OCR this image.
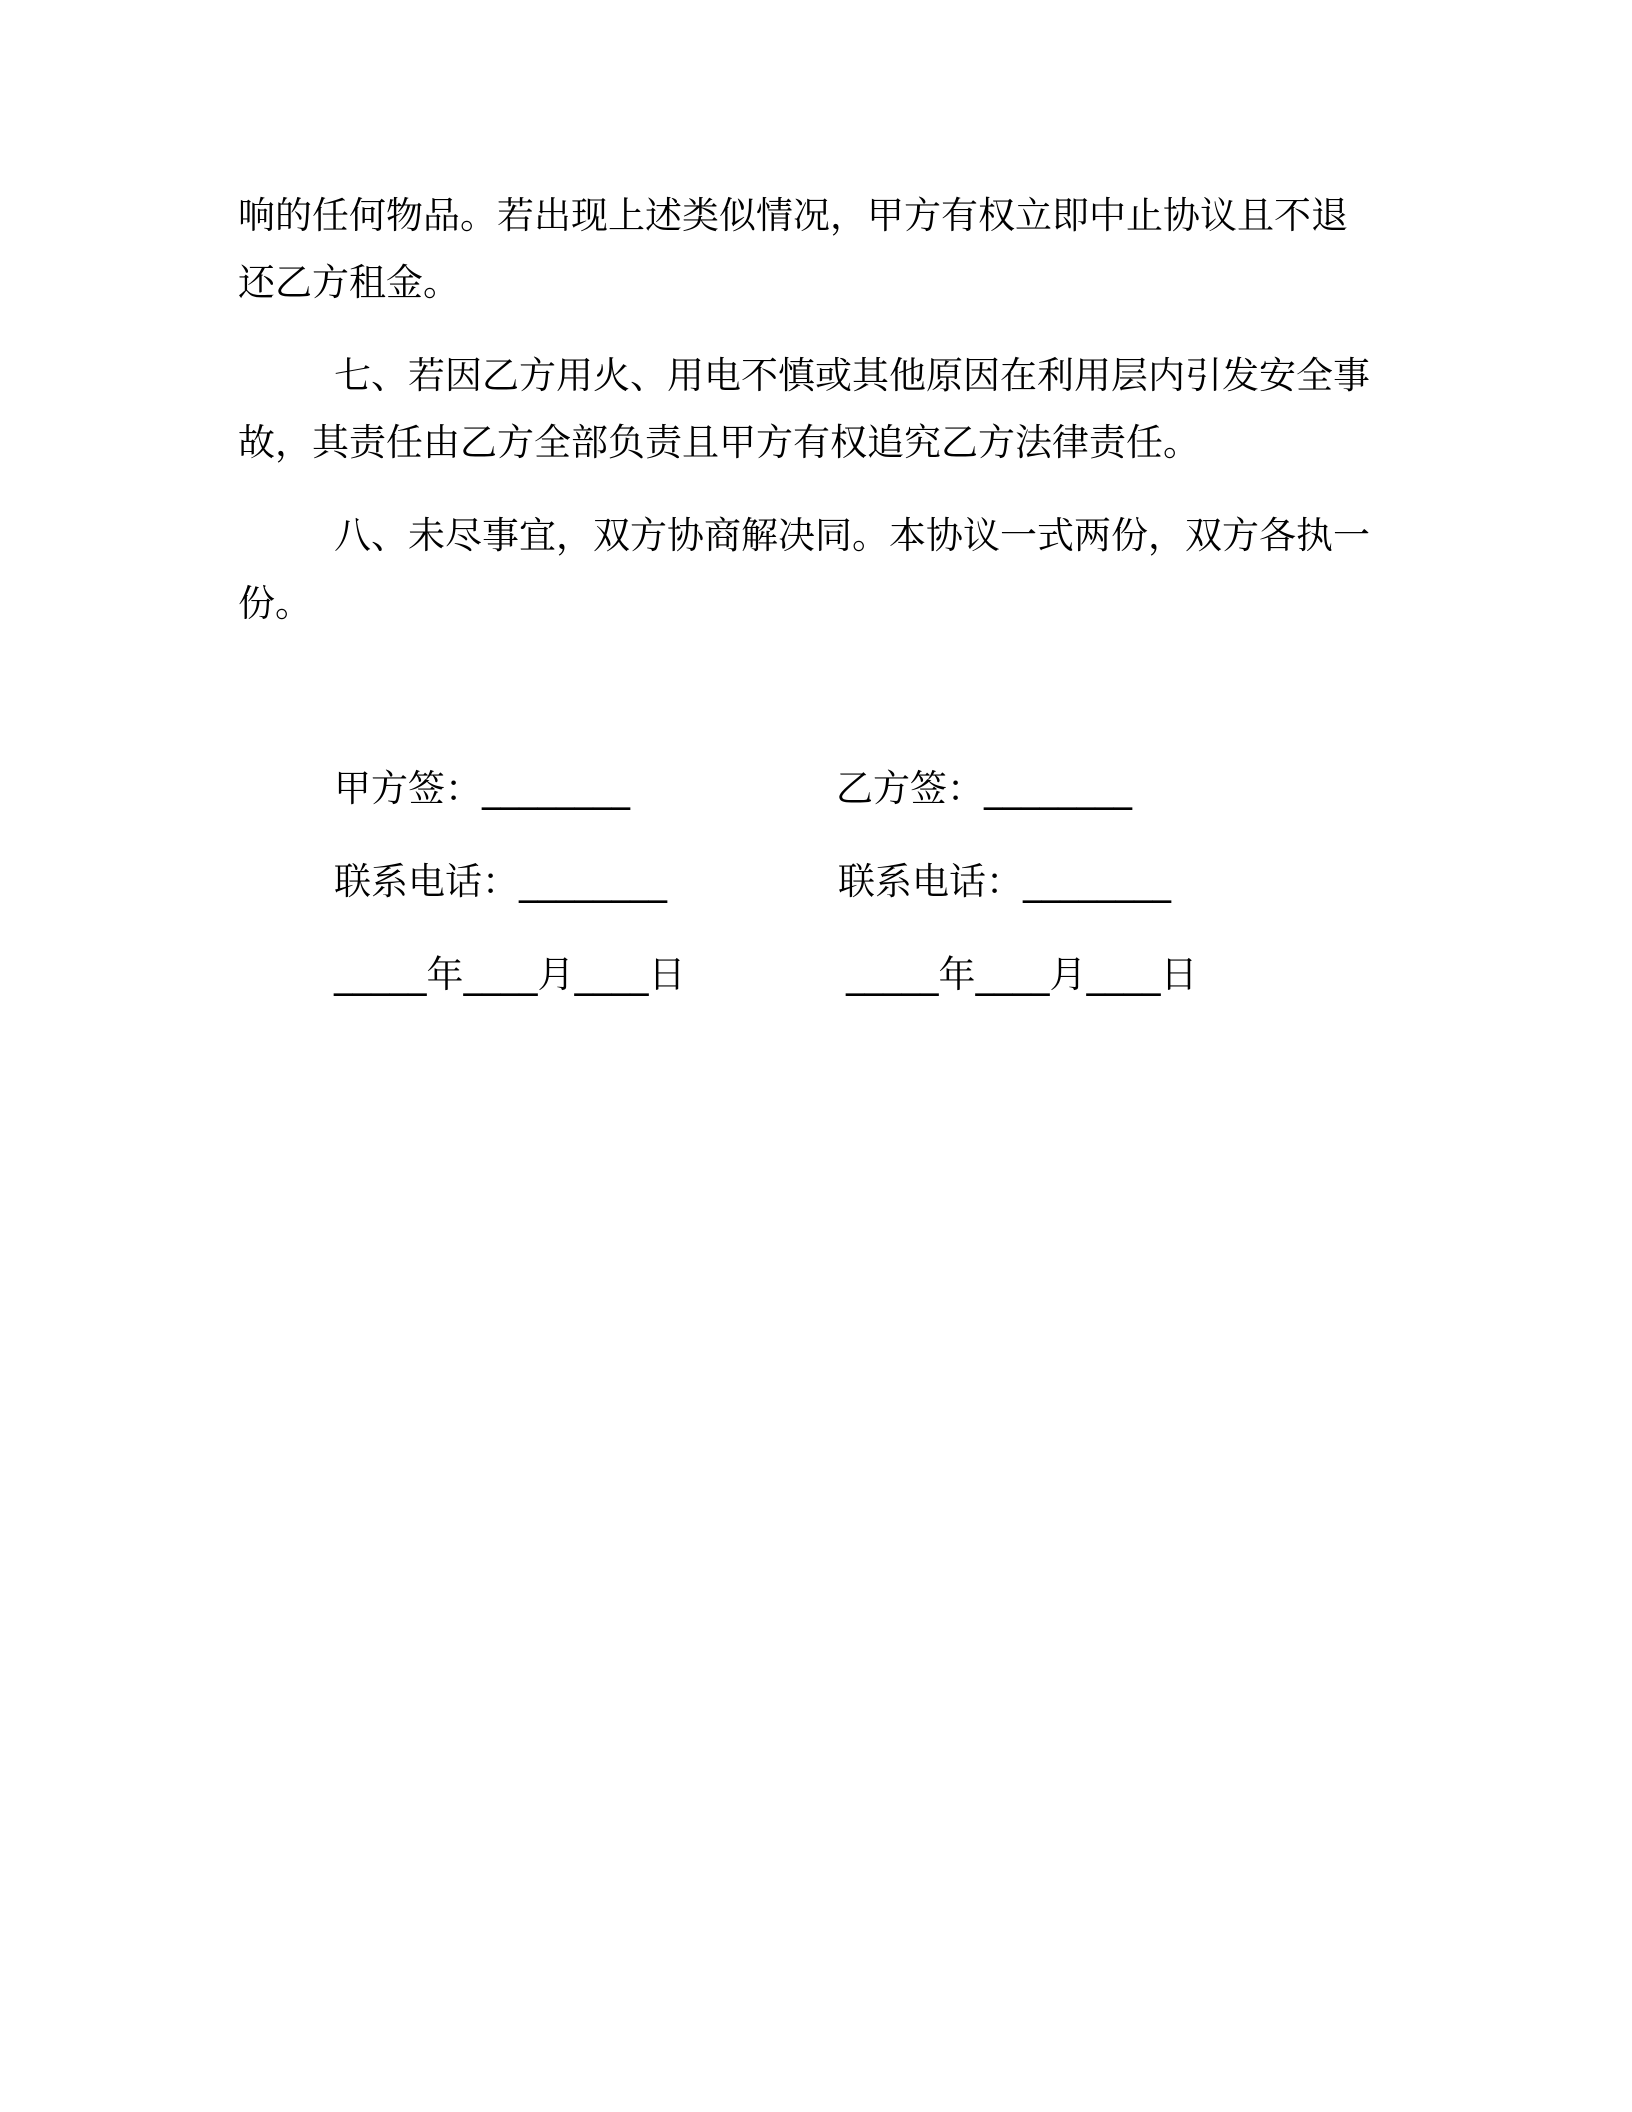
响的任何物品。若出现上述类似情况，甲方有权立即中止协议且不退
还乙方租金。
七、若因乙方用火、用电不慎或其他原因在利用层内引发安全事
故，其责任由乙方全部负责且甲方有权追究乙方法律责任。
八、未尽事宜，双方协商解决同。本协议一式两份，双方各执一
份。
甲方签：________
联系电话：________
_____年____月____日
乙方签：________
联系电话：________
_____年____月____日
